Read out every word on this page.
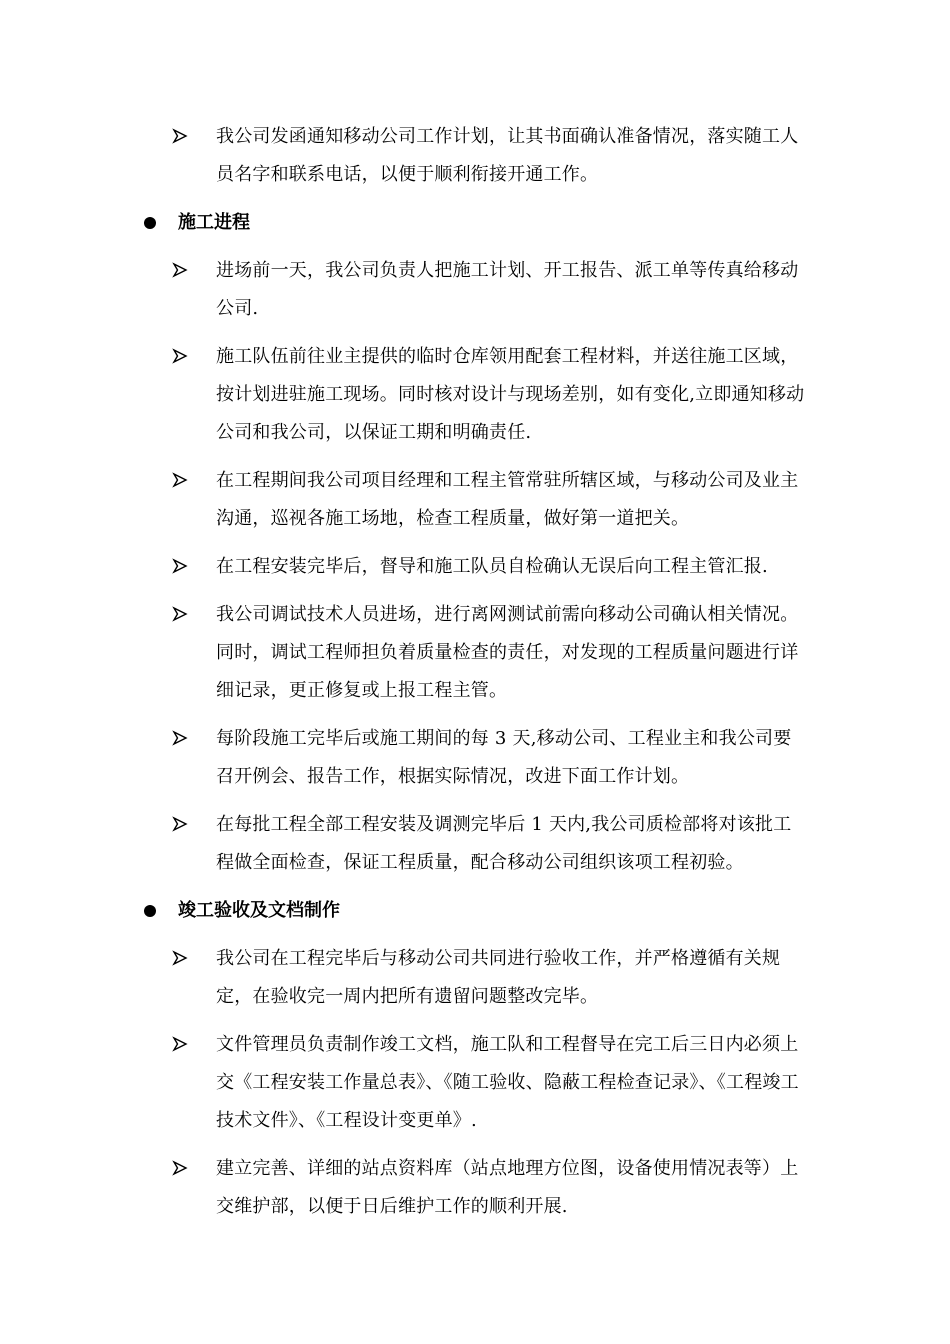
我公司发函通知移动公司工作计划，让其书面确认准备情况，落实随工人员名字和联系电话，以便于顺利衔接开通工作。
施工进程
进场前一天，我公司负责人把施工计划、开工报告、派工单等传真给移动公司.
施工队伍前往业主提供的临时仓库领用配套工程材料，并送往施工区域，按计划进驻施工现场。同时核对设计与现场差别，如有变化,立即通知移动公司和我公司，以保证工期和明确责任.
在工程期间我公司项目经理和工程主管常驻所辖区域，与移动公司及业主沟通，巡视各施工场地，检查工程质量，做好第一道把关。
在工程安装完毕后，督导和施工队员自检确认无误后向工程主管汇报.
我公司调试技术人员进场，进行离网测试前需向移动公司确认相关情况。同时，调试工程师担负着质量检查的责任，对发现的工程质量问题进行详细记录，更正修复或上报工程主管。
每阶段施工完毕后或施工期间的每 3 天,移动公司、工程业主和我公司要召开例会、报告工作，根据实际情况，改进下面工作计划。
在每批工程全部工程安装及调测完毕后 1 天内,我公司质检部将对该批工程做全面检查，保证工程质量，配合移动公司组织该项工程初验。
竣工验收及文档制作
我公司在工程完毕后与移动公司共同进行验收工作，并严格遵循有关规定，在验收完一周内把所有遗留问题整改完毕。
文件管理员负责制作竣工文档，施工队和工程督导在完工后三日内必须上交《工程安装工作量总表》、《随工验收、隐蔽工程检查记录》、《工程竣工技术文件》、《工程设计变更单》.
建立完善、详细的站点资料库（站点地理方位图，设备使用情况表等）上交维护部，以便于日后维护工作的顺利开展.
